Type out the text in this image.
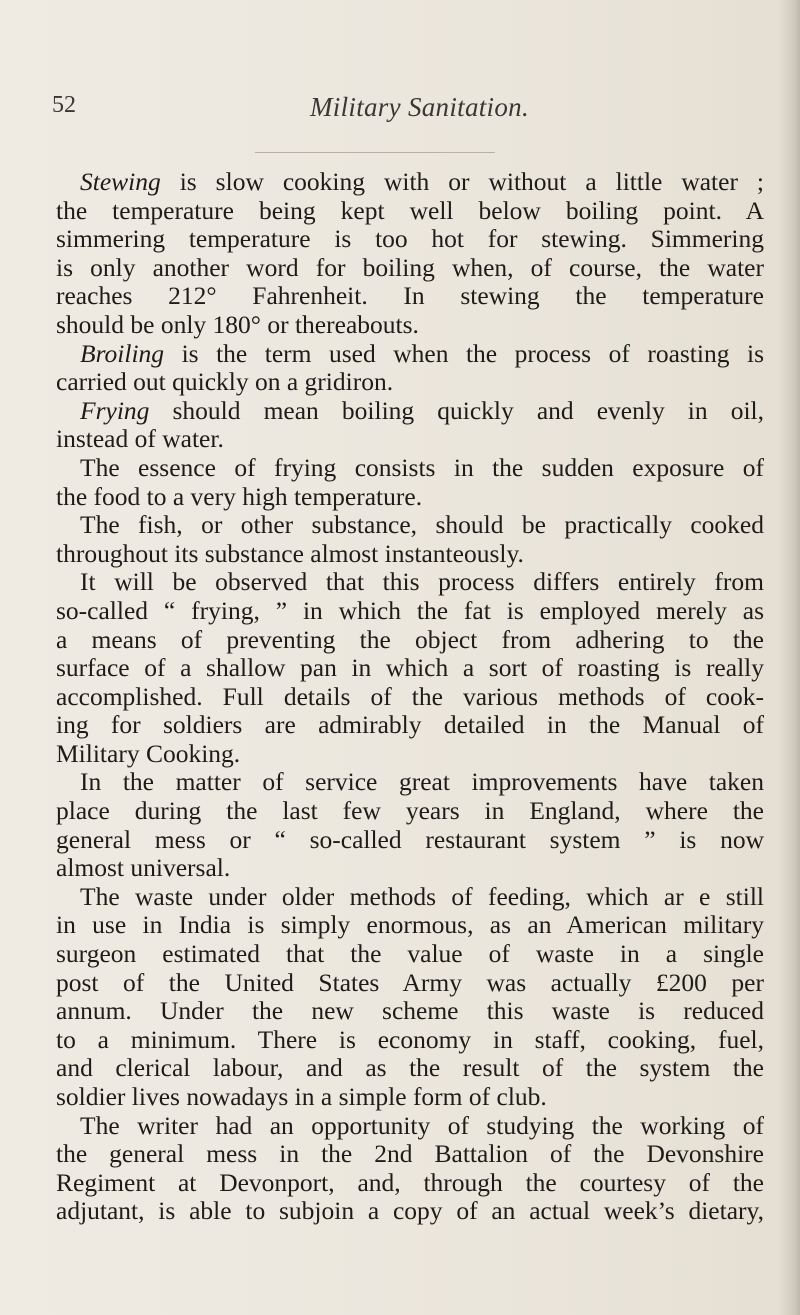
52	Military Sanitation.
Stewing is slow cooking with or without a little water ;
the temperature being kept well below boiling point. A
simmering temperature is too hot for stewing. Simmering
is only another word for boiling when, of course, the water
reaches 212° Fahrenheit. In stewing the temperature
should be only 180° or thereabouts.
Broiling is the term used when the process of roasting is
carried out quickly on a gridiron.
Frying should mean boiling quickly and evenly in oil,
instead of water.
The essence of frying consists in the sudden exposure of
the food to a very high temperature.
The fish, or other substance, should be practically cooked
throughout its substance almost instanteously.
It will be observed that this process differs entirely from
so-called “ frying, ” in which the fat is employed merely as
a means of preventing the object from adhering to the
surface of a shallow pan in which a sort of roasting is really
accomplished. Full details of the various methods of cook-
ing for soldiers are admirably detailed in the Manual of
Military Cooking.
In the matter of service great improvements have taken
place during the last few years in England, where the
general mess or “ so-called restaurant system ” is now
almost universal.
The waste under older methods of feeding, which ar e still
in use in India is simply enormous, as an American military
surgeon estimated that the value of waste in a single
post of the United States Army was actually £200 per
annum. Under the new scheme this waste is reduced
to a minimum. There is economy in staff, cooking, fuel,
and clerical labour, and as the result of the system the
soldier lives nowadays in a simple form of club.
The writer had an opportunity of studying the working of
the general mess in the 2nd Battalion of the Devonshire
Regiment at Devonport, and, through the courtesy of the
adjutant, is able to subjoin a copy of an actual week’s dietary,
